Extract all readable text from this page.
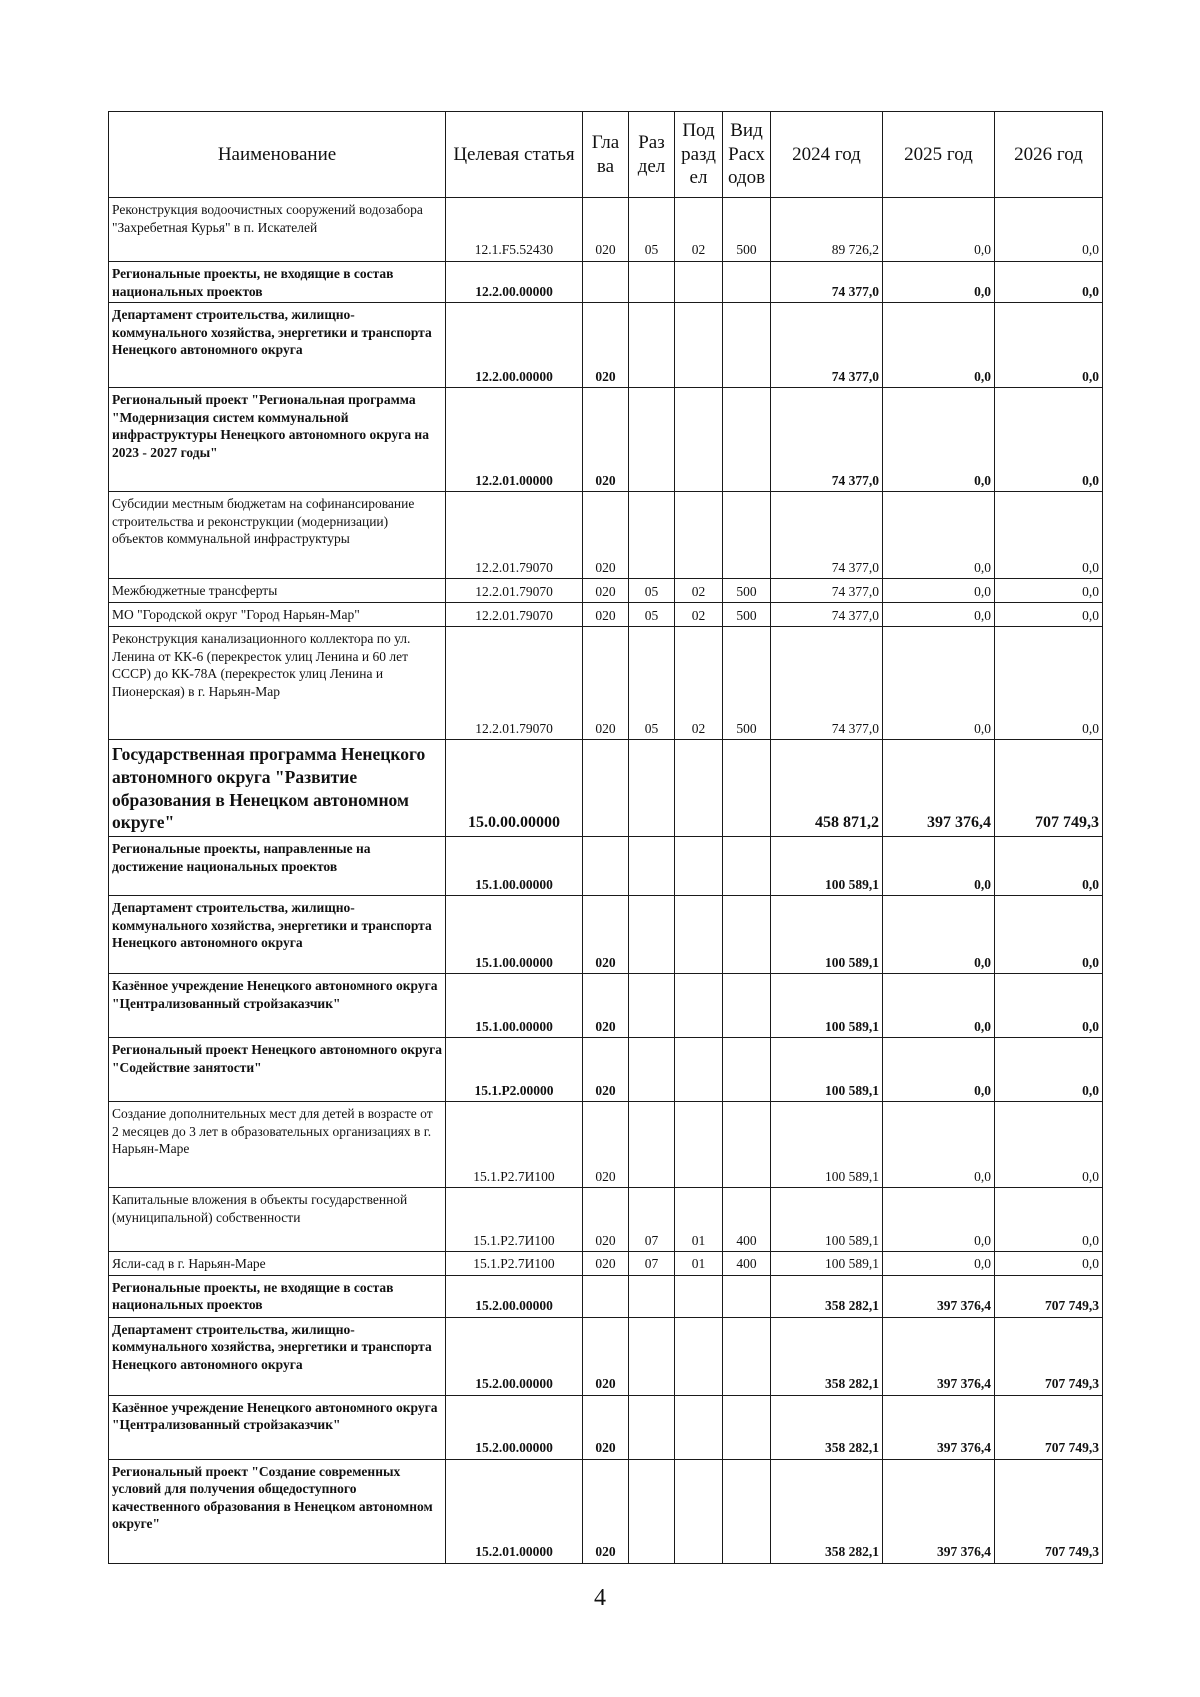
Наименование	Целевая статья	Гла ва	Раз дел	Под разд ел	Вид Расх одов	2024 год	2025 год	2026 год
Реконструкция водоочистных сооружений водозабора "Захребетная Курья" в п. Искателей	12.1.F5.52430	020	05	02	500	89 726,2	0,0	0,0
Региональные проекты, не входящие в состав национальных проектов	12.2.00.00000					74 377,0	0,0	0,0
Департамент строительства, жилищно-коммунального хозяйства, энергетики и транспорта Ненецкого автономного округа	12.2.00.00000	020				74 377,0	0,0	0,0
Региональный проект "Региональная программа "Модернизация систем коммунальной инфраструктуры Ненецкого автономного округа на 2023 - 2027 годы"	12.2.01.00000	020				74 377,0	0,0	0,0
Субсидии местным бюджетам на софинансирование строительства и реконструкции (модернизации) объектов коммунальной инфраструктуры	12.2.01.79070	020				74 377,0	0,0	0,0
Межбюджетные трансферты	12.2.01.79070	020	05	02	500	74 377,0	0,0	0,0
МО "Городской округ "Город Нарьян-Мар"	12.2.01.79070	020	05	02	500	74 377,0	0,0	0,0
Реконструкция канализационного коллектора по ул. Ленина от КК-6 (перекресток улиц Ленина и 60 лет СССР) до КК-78А (перекресток улиц Ленина и Пионерская) в г. Нарьян-Мар	12.2.01.79070	020	05	02	500	74 377,0	0,0	0,0
Государственная программа Ненецкого автономного округа "Развитие образования в Ненецком автономном округе"	15.0.00.00000					458 871,2	397 376,4	707 749,3
Региональные проекты, направленные на достижение национальных проектов	15.1.00.00000					100 589,1	0,0	0,0
Департамент строительства, жилищно-коммунального хозяйства, энергетики и транспорта Ненецкого автономного округа	15.1.00.00000	020				100 589,1	0,0	0,0
Казённое учреждение Ненецкого автономного округа "Централизованный стройзаказчик"	15.1.00.00000	020				100 589,1	0,0	0,0
Региональный проект Ненецкого автономного округа "Содействие занятости"	15.1.P2.00000	020				100 589,1	0,0	0,0
Создание дополнительных мест для детей в возрасте от 2 месяцев до 3 лет в образовательных организациях в г. Нарьян-Маре	15.1.P2.7И100	020				100 589,1	0,0	0,0
Капитальные вложения в объекты государственной (муниципальной) собственности	15.1.P2.7И100	020	07	01	400	100 589,1	0,0	0,0
Ясли-сад в г. Нарьян-Маре	15.1.P2.7И100	020	07	01	400	100 589,1	0,0	0,0
Региональные проекты, не входящие в состав национальных проектов	15.2.00.00000					358 282,1	397 376,4	707 749,3
Департамент строительства, жилищно-коммунального хозяйства, энергетики и транспорта Ненецкого автономного округа	15.2.00.00000	020				358 282,1	397 376,4	707 749,3
Казённое учреждение Ненецкого автономного округа "Централизованный стройзаказчик"	15.2.00.00000	020				358 282,1	397 376,4	707 749,3
Региональный проект "Создание современных условий для получения общедоступного качественного образования в Ненецком автономном округе"	15.2.01.00000	020				358 282,1	397 376,4	707 749,3
4
